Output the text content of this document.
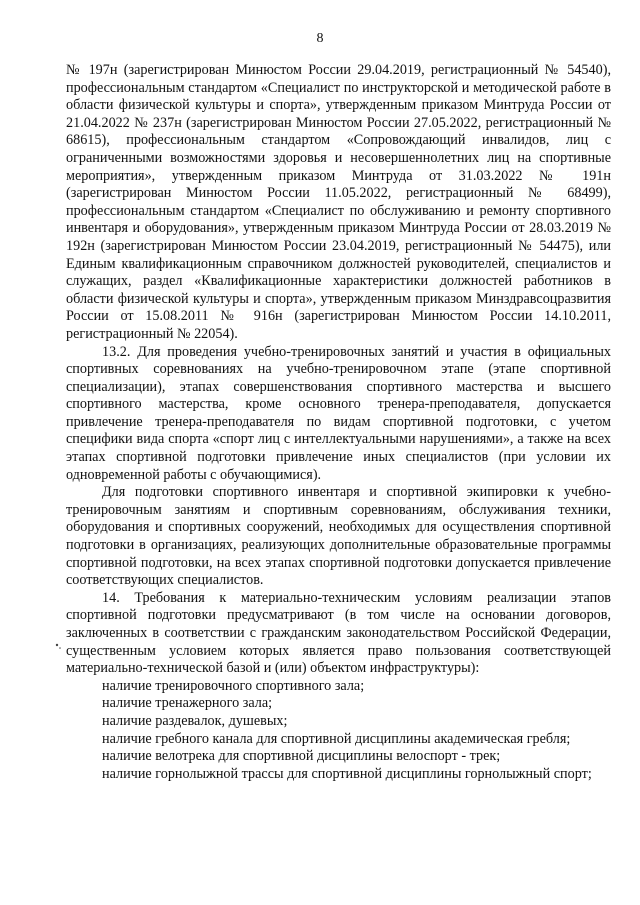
8

№ 197н (зарегистрирован Минюстом России 29.04.2019, регистрационный № 54540), профессиональным стандартом «Специалист по инструкторской и методической работе в области физической культуры и спорта», утвержденным приказом Минтруда России от 21.04.2022 № 237н (зарегистрирован Минюстом России 27.05.2022, регистрационный № 68615), профессиональным стандартом «Сопровождающий инвалидов, лиц с ограниченными возможностями здоровья и несовершеннолетних лиц на спортивные мероприятия», утвержденным приказом Минтруда от 31.03.2022 № 191н (зарегистрирован Минюстом России 11.05.2022, регистрационный № 68499), профессиональным стандартом «Специалист по обслуживанию и ремонту спортивного инвентаря и оборудования», утвержденным приказом Минтруда России от 28.03.2019 № 192н (зарегистрирован Минюстом России 23.04.2019, регистрационный № 54475), или Единым квалификационным справочником должностей руководителей, специалистов и служащих, раздел «Квалификационные характеристики должностей работников в области физической культуры и спорта», утвержденным приказом Минздравсоцразвития России от 15.08.2011 № 916н (зарегистрирован Минюстом России 14.10.2011, регистрационный № 22054).

13.2. Для проведения учебно-тренировочных занятий и участия в официальных спортивных соревнованиях на учебно-тренировочном этапе (этапе спортивной специализации), этапах совершенствования спортивного мастерства и высшего спортивного мастерства, кроме основного тренера-преподавателя, допускается привлечение тренера-преподавателя по видам спортивной подготовки, с учетом специфики вида спорта «спорт лиц с интеллектуальными нарушениями», а также на всех этапах спортивной подготовки привлечение иных специалистов (при условии их одновременной работы с обучающимися).

Для подготовки спортивного инвентаря и спортивной экипировки к учебно-тренировочным занятиям и спортивным соревнованиям, обслуживания техники, оборудования и спортивных сооружений, необходимых для осуществления спортивной подготовки в организациях, реализующих дополнительные образовательные программы спортивной подготовки, на всех этапах спортивной подготовки допускается привлечение соответствующих специалистов.

14. Требования к материально-техническим условиям реализации этапов спортивной подготовки предусматривают (в том числе на основании договоров, заключенных в соответствии с гражданским законодательством Российской Федерации, существенным условием которых является право пользования соответствующей материально-технической базой и (или) объектом инфраструктуры):

наличие тренировочного спортивного зала;

наличие тренажерного зала;

наличие раздевалок, душевых;

наличие гребного канала для спортивной дисциплины академическая гребля;

наличие велотрека для спортивной дисциплины велоспорт - трек;

наличие горнолыжной трассы для спортивной дисциплины горнолыжный спорт;
